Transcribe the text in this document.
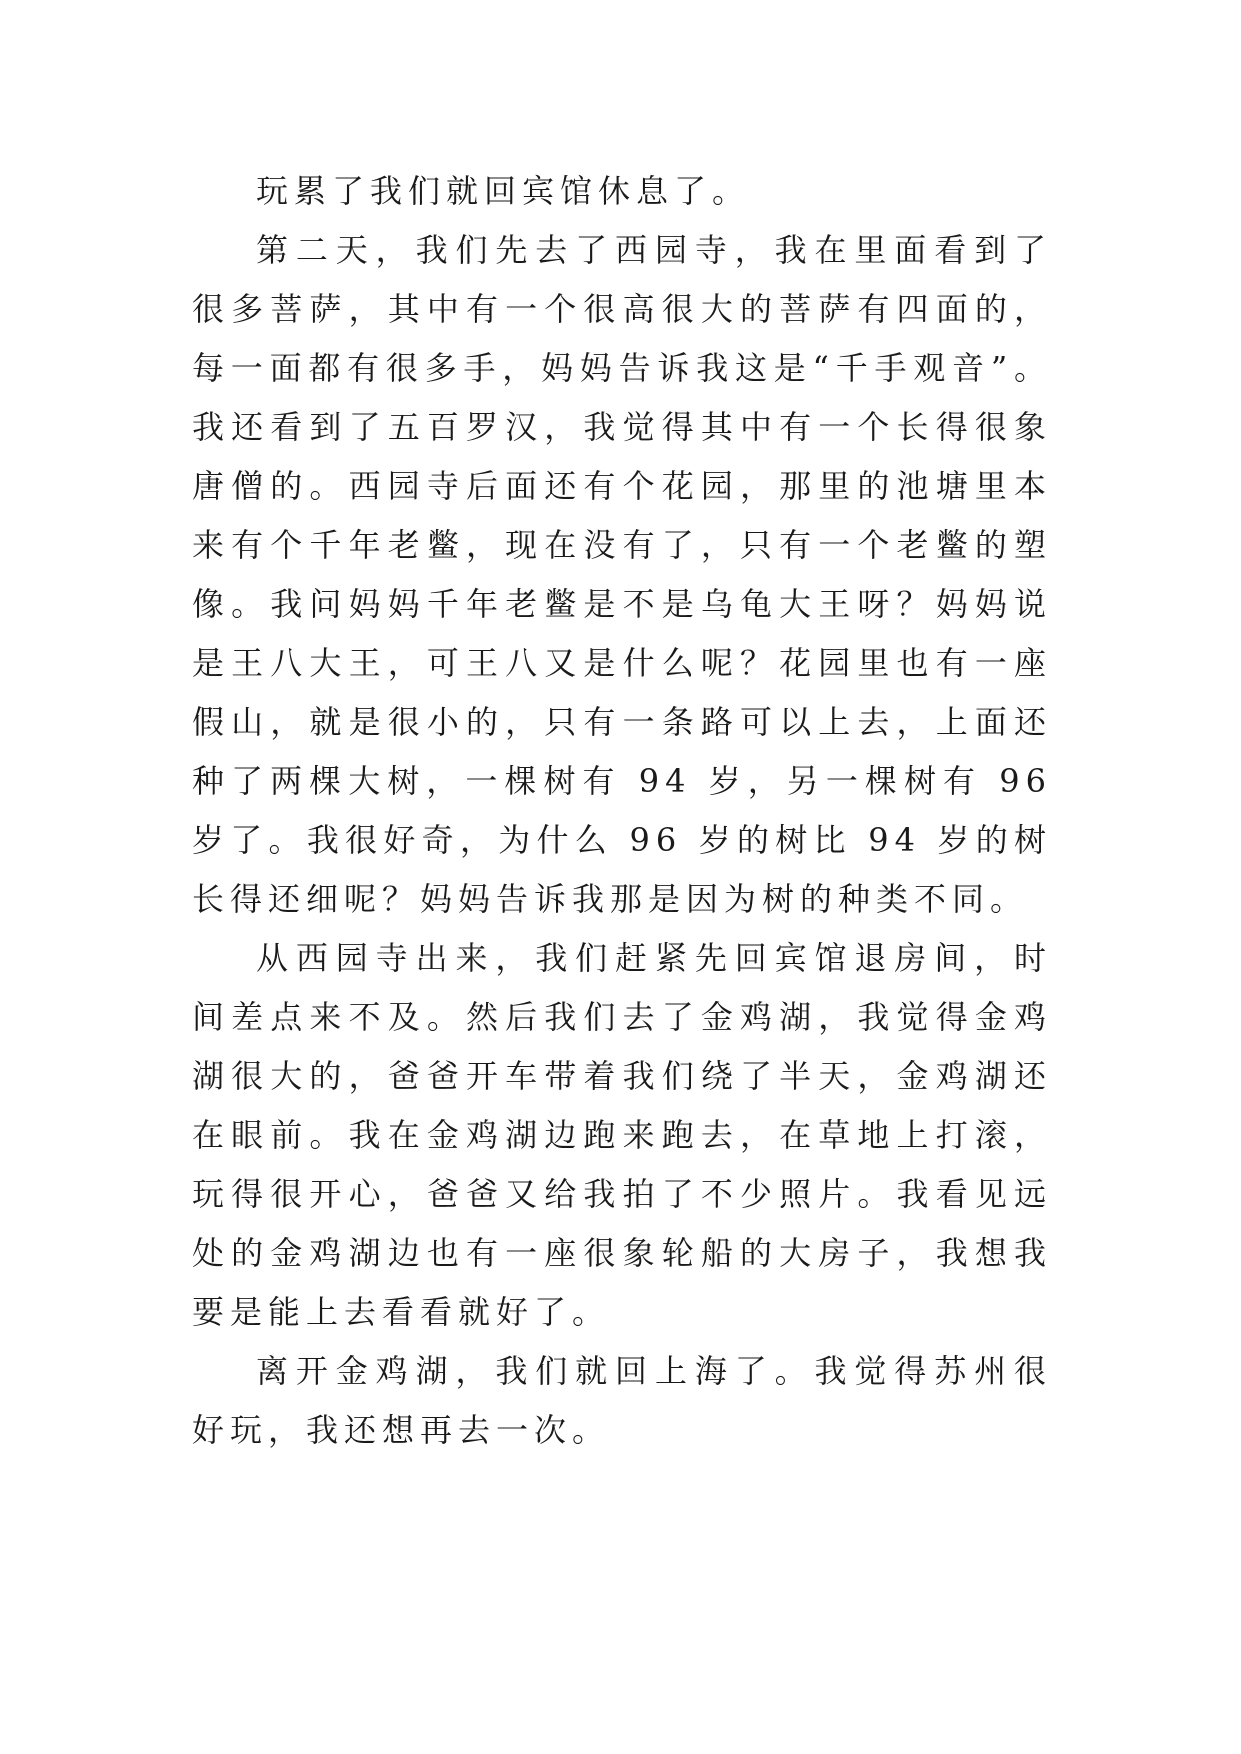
玩累了我们就回宾馆休息了。

第二天，我们先去了西园寺，我在里面看到了很多菩萨，其中有一个很高很大的菩萨有四面的，每一面都有很多手，妈妈告诉我这是“千手观音”。我还看到了五百罗汉，我觉得其中有一个长得很象唐僧的。西园寺后面还有个花园，那里的池塘里本来有个千年老鳖，现在没有了，只有一个老鳖的塑像。我问妈妈千年老鳖是不是乌龟大王呀？妈妈说是王八大王，可王八又是什么呢？花园里也有一座假山，就是很小的，只有一条路可以上去，上面还种了两棵大树，一棵树有 94 岁，另一棵树有 96 岁了。我很好奇，为什么 96 岁的树比 94 岁的树长得还细呢？妈妈告诉我那是因为树的种类不同。

从西园寺出来，我们赶紧先回宾馆退房间，时间差点来不及。然后我们去了金鸡湖，我觉得金鸡湖很大的，爸爸开车带着我们绕了半天，金鸡湖还在眼前。我在金鸡湖边跑来跑去，在草地上打滚，玩得很开心，爸爸又给我拍了不少照片。我看见远处的金鸡湖边也有一座很象轮船的大房子，我想我要是能上去看看就好了。

离开金鸡湖，我们就回上海了。我觉得苏州很好玩，我还想再去一次。
